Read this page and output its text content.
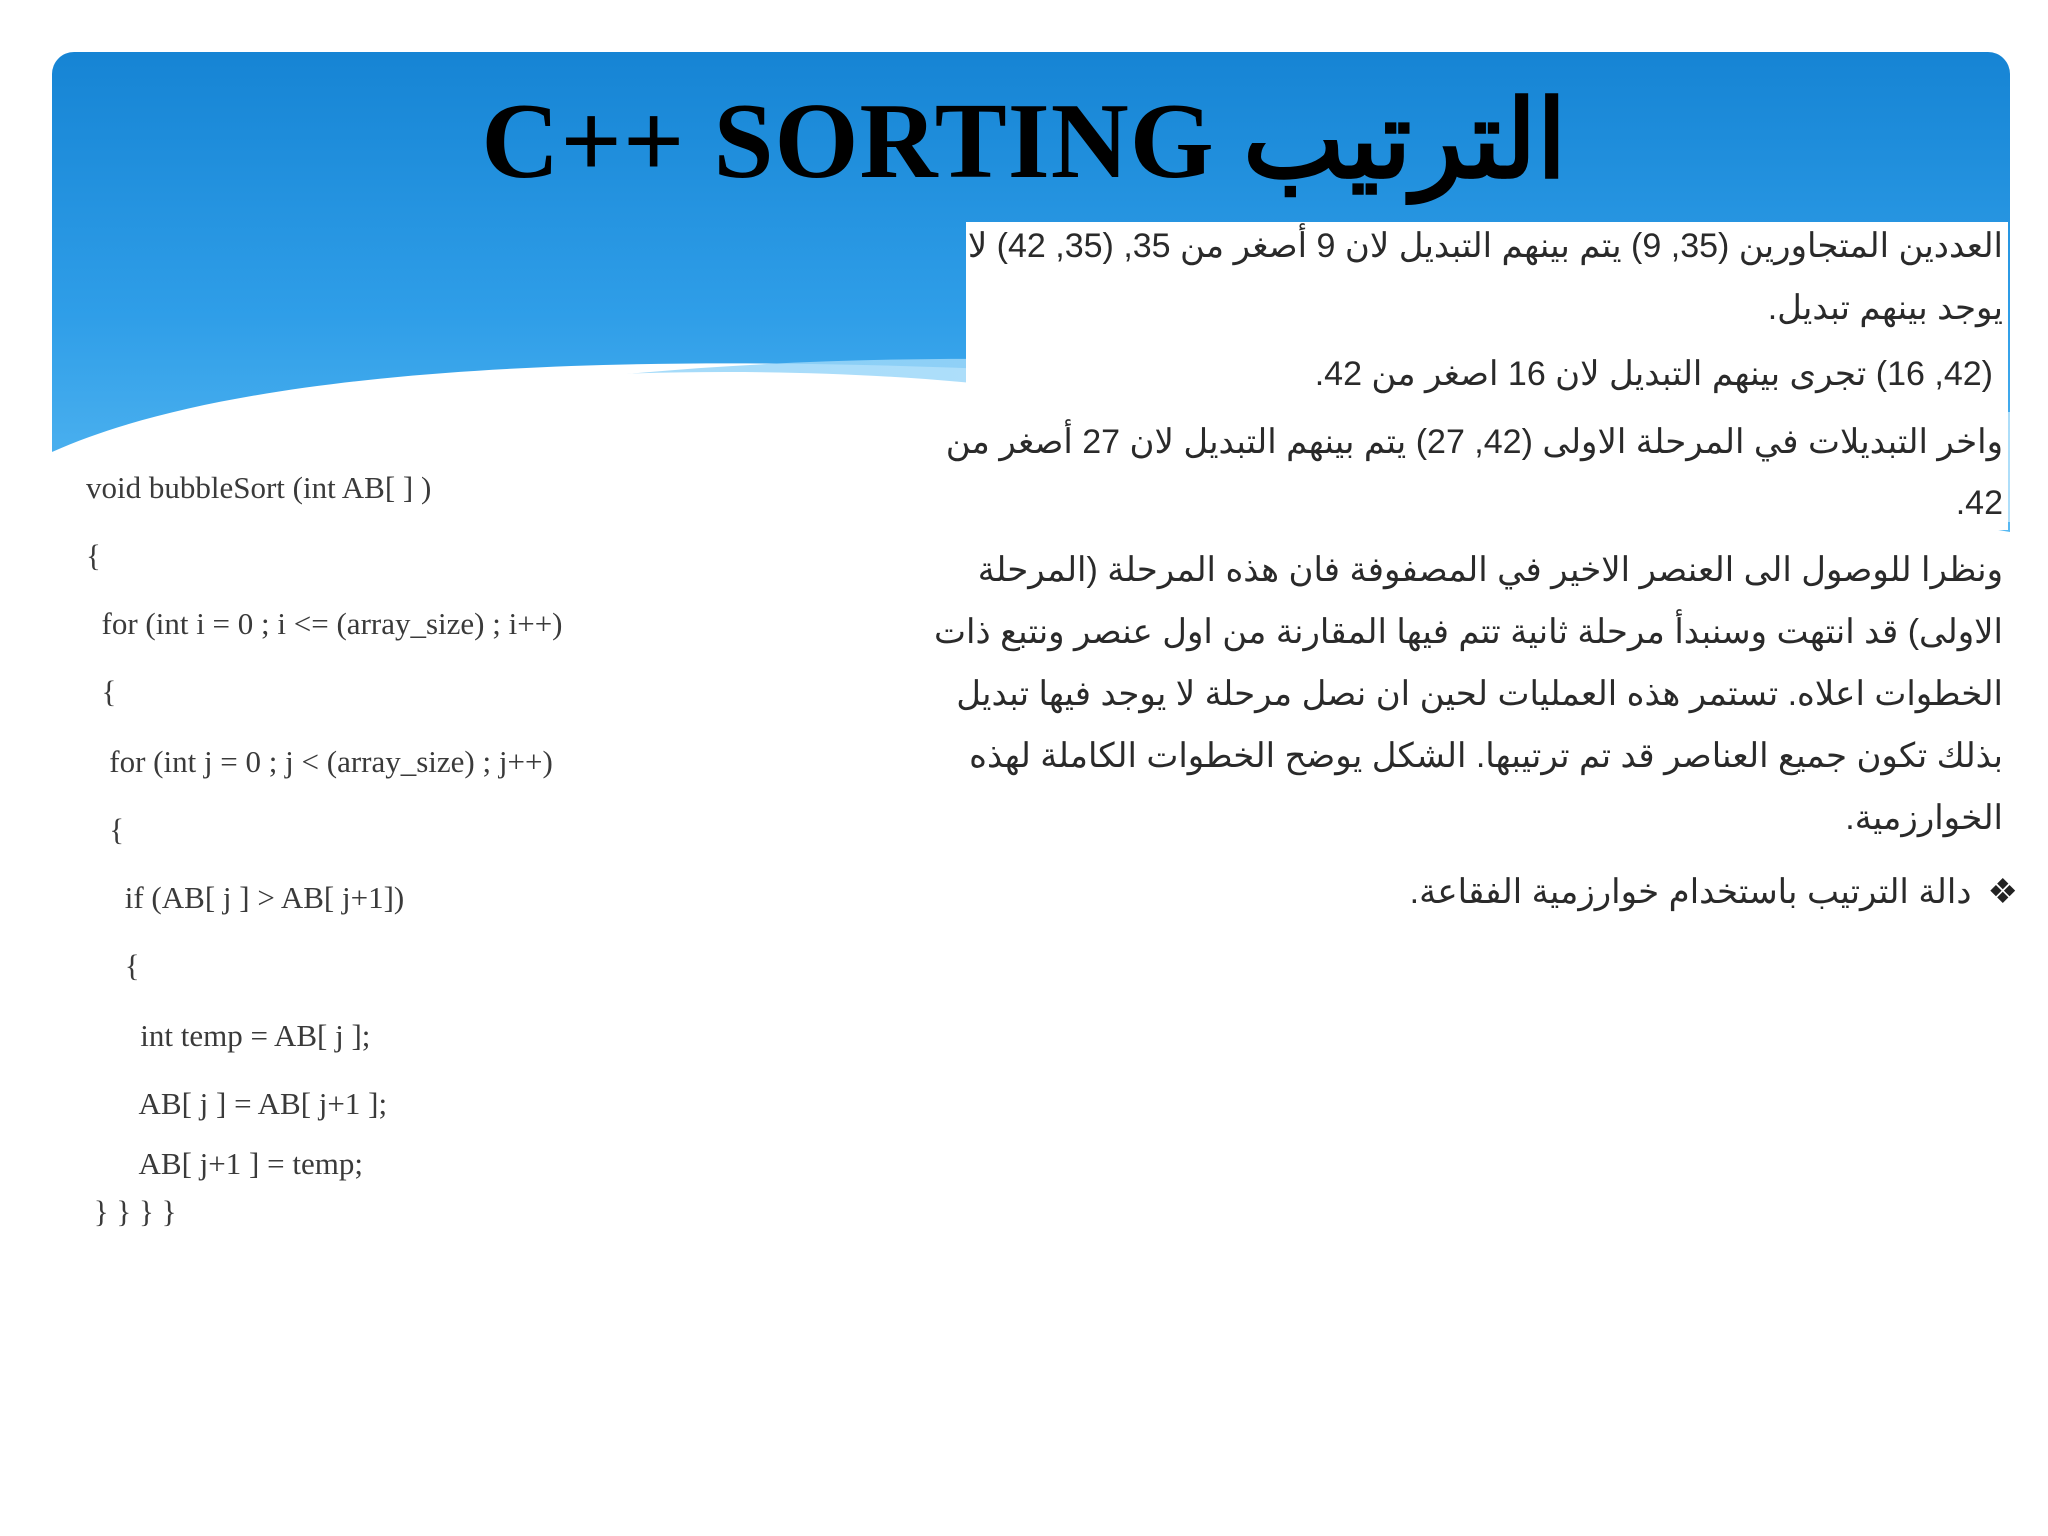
C++ SORTING الترتيب
void bubbleSort (int AB[ ] )
{
for (int i = 0 ; i <= (array_size) ; i++)
{
for (int j = 0 ; j < (array_size) ; j++)
{
if (AB[ j ] > AB[ j+1])
{
int temp = AB[ j ];
AB[ j ] = AB[ j+1 ];
AB[ j+1 ] = temp;
} } } }
العددين المتجاورين (35, 9) يتم بينهم التبديل لان 9 أصغر من 35, (35, 42) لا
يوجد بينهم تبديل.
(42, 16) تجرى بينهم التبديل لان 16 اصغر من 42.
واخر التبديلات في المرحلة الاولى (42, 27) يتم بينهم التبديل لان 27 أصغر من
42.
ونظرا للوصول الى العنصر الاخير في المصفوفة فان هذه المرحلة (المرحلة
الاولى) قد انتهت وسنبدأ مرحلة ثانية تتم فيها المقارنة من اول عنصر ونتبع ذات
الخطوات اعلاه. تستمر هذه العمليات لحين ان نصل مرحلة لا يوجد فيها تبديل
بذلك تكون جميع العناصر قد تم ترتيبها. الشكل يوضح الخطوات الكاملة لهذه
الخوارزمية.
❖دالة الترتيب باستخدام خوارزمية الفقاعة.
